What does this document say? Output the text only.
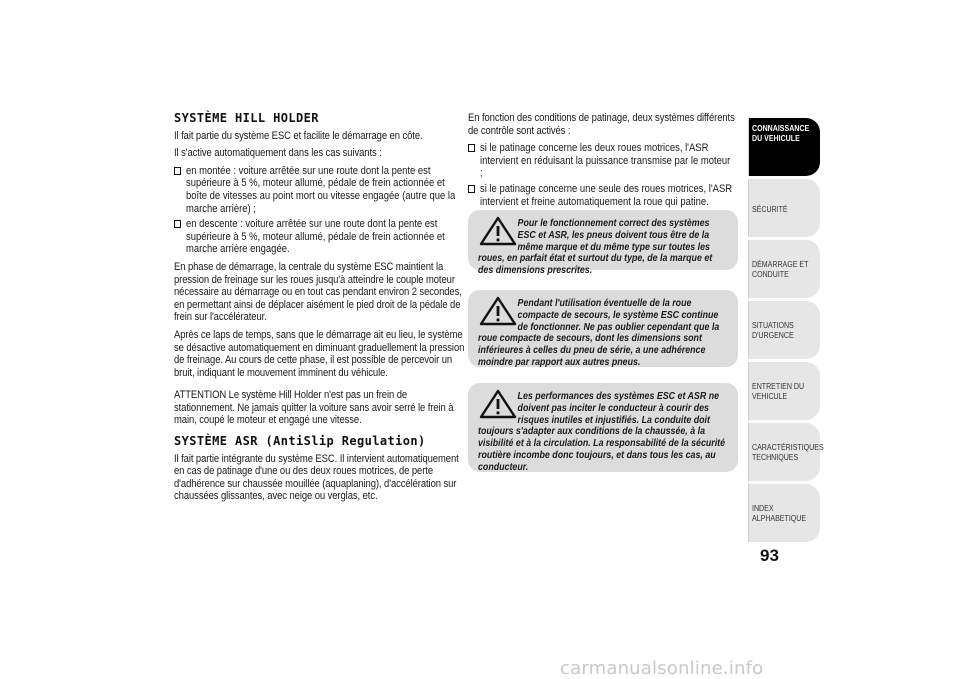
SYSTÈME HILL HOLDER

Il fait partie du système ESC et facilite le démarrage en côte.

Il s'active automatiquement dans les cas suivants :

en montée : voiture arrêtée sur une route dont la pente est supérieure à 5 %, moteur allumé, pédale de frein actionnée et boîte de vitesses au point mort ou vitesse engagée (autre que la marche arrière) ;
en descente : voiture arrêtée sur une route dont la pente est supérieure à 5 %, moteur allumé, pédale de frein actionnée et marche arrière engagée.

En phase de démarrage, la centrale du système ESC maintient la pression de freinage sur les roues jusqu'à atteindre le couple moteur nécessaire au démarrage ou en tout cas pendant environ 2 secondes, en permettant ainsi de déplacer aisément le pied droit de la pédale de frein sur l'accélérateur.

Après ce laps de temps, sans que le démarrage ait eu lieu, le système se désactive automatiquement en diminuant graduellement la pression de freinage. Au cours de cette phase, il est possible de percevoir un bruit, indiquant le mouvement imminent du véhicule.

ATTENTION Le système Hill Holder n'est pas un frein de stationnement. Ne jamais quitter la voiture sans avoir serré le frein à main, coupé le moteur et engagé une vitesse.

SYSTÈME ASR (AntiSlip Regulation)

Il fait partie intégrante du système ESC. Il intervient automatiquement en cas de patinage d'une ou des deux roues motrices, de perte d'adhérence sur chaussée mouillée (aquaplaning), d'accélération sur chaussées glissantes, avec neige ou verglas, etc.

En fonction des conditions de patinage, deux systèmes différents de contrôle sont activés :

si le patinage concerne les deux roues motrices, l'ASR intervient en réduisant la puissance transmise par le moteur ;
si le patinage concerne une seule des roues motrices, l'ASR intervient et freine automatiquement la roue qui patine.
Pour le fonctionnement correct des systèmes ESC et ASR, les pneus doivent tous être de la même marque et du même type sur toutes les roues, en parfait état et surtout du type, de la marque et des dimensions prescrites.
Pendant l'utilisation éventuelle de la roue compacte de secours, le système ESC continue de fonctionner. Ne pas oublier cependant que la roue compacte de secours, dont les dimensions sont inférieures à celles du pneu de série, a une adhérence moindre par rapport aux autres pneus.
Les performances des systèmes ESC et ASR ne doivent pas inciter le conducteur à courir des risques inutiles et injustifiés. La conduite doit toujours s'adapter aux conditions de la chaussée, à la visibilité et à la circulation. La responsabilité de la sécurité routière incombe donc toujours, et dans tous les cas, au conducteur.
CONNAISSANCE
DU VEHICULE
SÉCURITÉ
DÉMARRAGE ET
CONDUITE
SITUATIONS
D'URGENCE
ENTRETIEN DU
VEHICULE
CARACTÉRISTIQUES
TECHNIQUES
INDEX
ALPHABETIQUE
93
carmanualsonline.info
